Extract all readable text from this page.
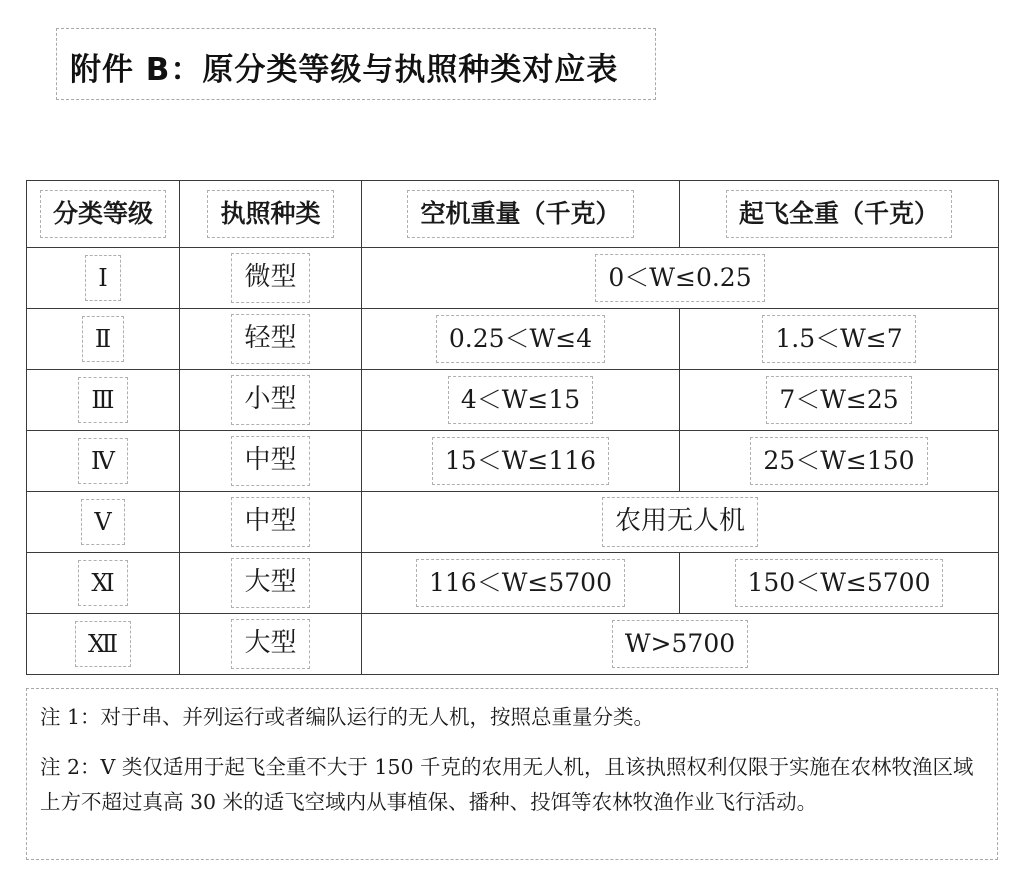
附件 B：原分类等级与执照种类对应表
分类等级	执照种类	空机重量（千克）	起飞全重（千克）
Ⅰ	微型	0＜W≤0.25	
Ⅱ	轻型	0.25＜W≤4	1.5＜W≤7
Ⅲ	小型	4＜W≤15	7＜W≤25
Ⅳ	中型	15＜W≤116	25＜W≤150
Ⅴ	中型	农用无人机	
Ⅺ	大型	116＜W≤5700	150＜W≤5700
Ⅻ	大型	W>5700	
注 1：对于串、并列运行或者编队运行的无人机，按照总重量分类。
注 2：V 类仅适用于起飞全重不大于 150 千克的农用无人机，且该执照权利仅限于实施在农林牧渔区域上方不超过真高 30 米的适飞空域内从事植保、播种、投饵等农林牧渔作业飞行活动。
